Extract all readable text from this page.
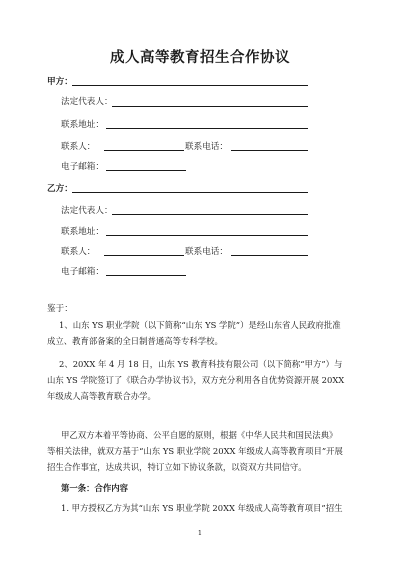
成人高等教育招生合作协议
甲方：
法定代表人：
联系地址：
联系人：	联系电话：
电子邮箱：
乙方：
法定代表人：
联系地址：
联系人：	联系电话：
电子邮箱：
鉴于：
1、山东 YS 职业学院（以下简称“山东 YS 学院”）是经山东省人民政府批准
成立、教育部备案的全日制普通高等专科学校。
2、20XX 年 4 月 18 日，山东 YS 教育科技有限公司（以下简称“甲方”）与
山东 YS 学院签订了《联合办学协议书》，双方充分利用各自优势资源开展 20XX
年级成人高等教育联合办学。
甲乙双方本着平等协商、公平自愿的原则，根据《中华人民共和国民法典》
等相关法律，就双方基于“山东 YS 职业学院 20XX 年级成人高等教育项目”开展
招生合作事宜，达成共识，特订立如下协议条款，以资双方共同信守。
第一条：合作内容
1. 甲方授权乙方为其“山东 YS 职业学院 20XX 年级成人高等教育项目”招生
1
